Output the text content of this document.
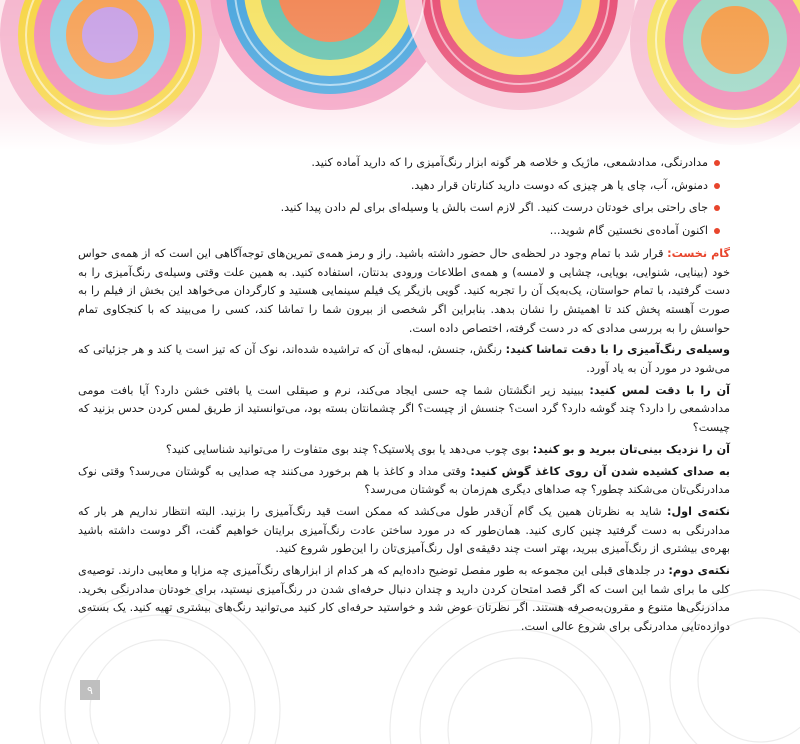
مدادرنگی، مدادشمعی، ماژیک و خلاصه هر گونه ابزار رنگ‌آمیزی را که دارید آماده کنید.
دمنوش، آب، چای یا هر چیزی که دوست دارید کنارتان قرار دهید.
جای راحتی برای خودتان درست کنید. اگر لازم است بالش یا وسیله‌ای برای لم دادن پیدا کنید.
اکنون آماده‌ی نخستین گام شوید...

گام نخست: قرار شد با تمام وجود در لحظه‌ی حال حضور داشته باشید. راز و رمز همه‌ی تمرین‌های توجه‌آگاهی این است که از همه‌ی حواس خود (بینایی، شنوایی، بویایی، چشایی و لامسه) و همه‌ی اطلاعات ورودی بدنتان، استفاده کنید. به همین علت وقتی وسیله‌ی رنگ‌آمیزی را به دست گرفتید، با تمام حواستان، یک‌به‌یک آن را تجربه کنید. گویی بازیگر یک فیلم سینمایی هستید و کارگردان می‌خواهد این بخش از فیلم را به صورت آهسته پخش کند تا اهمیتش را نشان بدهد. بنابراین اگر شخصی از بیرون شما را تماشا کند، کسی را می‌بیند که با کنجکاوی تمام حواسش را به بررسی مدادی که در دست گرفته، اختصاص داده است.

وسیله‌ی رنگ‌آمیزی را با دقت تماشا کنید: رنگش، جنسش، لبه‌های آن که تراشیده شده‌اند، نوک آن که تیز است یا کند و هر جزئیاتی که می‌شود در مورد آن به یاد آورد.

آن را با دقت لمس کنید: ببینید زیر انگشتان شما چه حسی ایجاد می‌کند، نرم و صیقلی است یا بافتی خشن دارد؟ آیا بافت مومی مدادشمعی را دارد؟ چند گوشه دارد؟ گرد است؟ جنسش از چیست؟ اگر چشمانتان بسته بود، می‌توانستید از طریق لمس کردن حدس بزنید که چیست؟

آن را نزدیک بینی‌تان ببرید و بو کنید: بوی چوب می‌دهد یا بوی پلاستیک؟ چند بوی متفاوت را می‌توانید شناسایی کنید؟

به صدای کشیده شدن آن روی کاغذ گوش کنید: وقتی مداد و کاغذ با هم برخورد می‌کنند چه صدایی به گوشتان می‌رسد؟ وقتی نوک مدادرنگی‌تان می‌شکند چطور؟ چه صداهای دیگری هم‌زمان به گوشتان می‌رسد؟

نکته‌ی اول: شاید به نظرتان همین یک گام آن‌قدر طول می‌کشد که ممکن است قید رنگ‌آمیزی را بزنید. البته انتظار نداریم هر بار که مدادرنگی به دست گرفتید چنین کاری کنید. همان‌طور که در مورد ساختن عادت رنگ‌آمیزی برایتان خواهیم گفت، اگر دوست داشته باشید بهره‌ی بیشتری از رنگ‌آمیزی ببرید، بهتر است چند دقیقه‌ی اول رنگ‌آمیزی‌تان را این‌طور شروع کنید.

نکته‌ی دوم: در جلدهای قبلی این مجموعه به طور مفصل توضیح داده‌ایم که هر کدام از ابزارهای رنگ‌آمیزی چه مزایا و معایبی دارند. توصیه‌ی کلی ما برای شما این است که اگر قصد امتحان کردن دارید و چندان دنبال حرفه‌ای شدن در رنگ‌آمیزی نیستید، برای خودتان مدادرنگی بخرید. مدادرنگی‌ها متنوع و مقرون‌به‌صرفه هستند. اگر نظرتان عوض شد و خواستید حرفه‌ای کار کنید می‌توانید رنگ‌های بیشتری تهیه کنید. یک بسته‌ی دوازده‌تایی مدادرنگی برای شروع عالی است.

۹
